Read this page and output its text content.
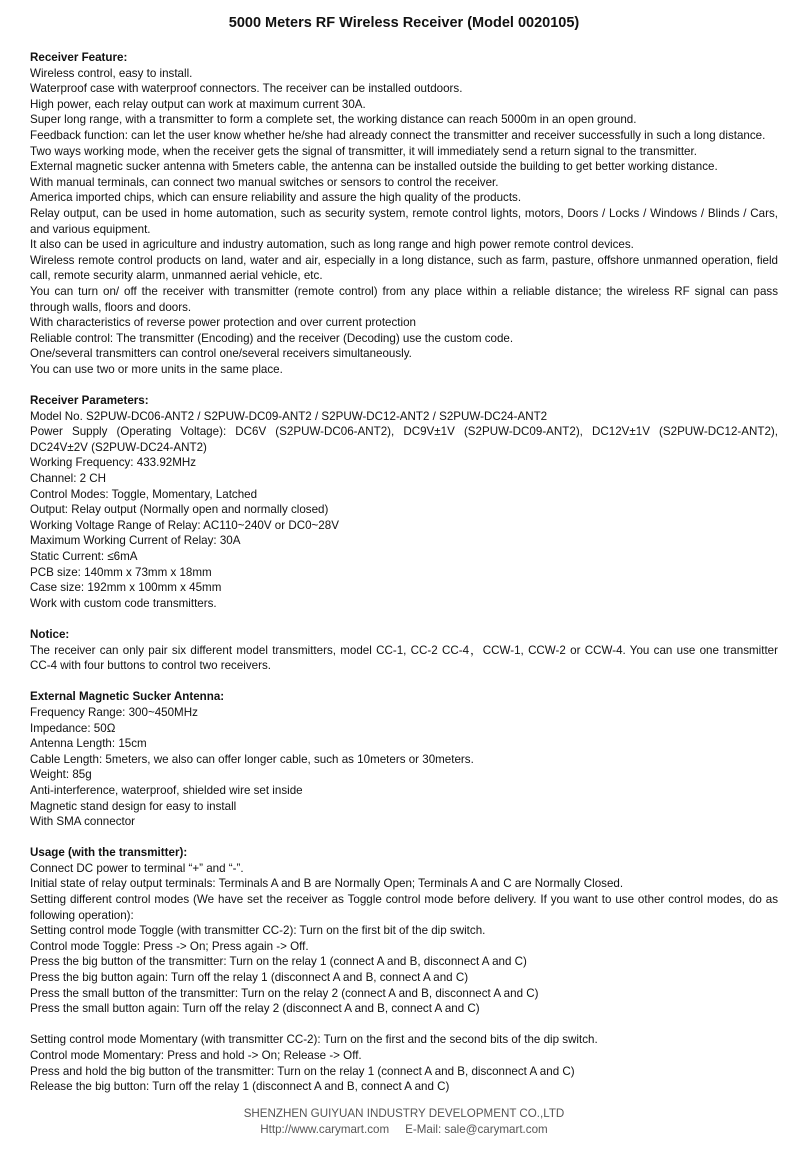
5000 Meters RF Wireless Receiver (Model 0020105)
Receiver Feature:
Wireless control, easy to install.
Waterproof case with waterproof connectors. The receiver can be installed outdoors.
High power, each relay output can work at maximum current 30A.
Super long range, with a transmitter to form a complete set, the working distance can reach 5000m in an open ground.
Feedback function: can let the user know whether he/she had already connect the transmitter and receiver successfully in such a long distance.
Two ways working mode, when the receiver gets the signal of transmitter, it will immediately send a return signal to the transmitter.
External magnetic sucker antenna with 5meters cable, the antenna can be installed outside the building to get better working distance.
With manual terminals, can connect two manual switches or sensors to control the receiver.
America imported chips, which can ensure reliability and assure the high quality of the products.
Relay output, can be used in home automation, such as security system, remote control lights, motors, Doors / Locks / Windows / Blinds / Cars, and various equipment.
It also can be used in agriculture and industry automation, such as long range and high power remote control devices.
Wireless remote control products on land, water and air, especially in a long distance, such as farm, pasture, offshore unmanned operation, field call, remote security alarm, unmanned aerial vehicle, etc.
You can turn on/ off the receiver with transmitter (remote control) from any place within a reliable distance; the wireless RF signal can pass through walls, floors and doors.
With characteristics of reverse power protection and over current protection
Reliable control: The transmitter (Encoding) and the receiver (Decoding) use the custom code.
One/several transmitters can control one/several receivers simultaneously.
You can use two or more units in the same place.
Receiver Parameters:
Model No. S2PUW-DC06-ANT2 / S2PUW-DC09-ANT2 / S2PUW-DC12-ANT2 / S2PUW-DC24-ANT2
Power Supply (Operating Voltage): DC6V (S2PUW-DC06-ANT2), DC9V±1V (S2PUW-DC09-ANT2), DC12V±1V (S2PUW-DC12-ANT2), DC24V±2V (S2PUW-DC24-ANT2)
Working Frequency: 433.92MHz
Channel: 2 CH
Control Modes: Toggle, Momentary, Latched
Output: Relay output (Normally open and normally closed)
Working Voltage Range of Relay: AC110~240V or DC0~28V
Maximum Working Current of Relay: 30A
Static Current: ≤6mA
PCB size: 140mm x 73mm x 18mm
Case size: 192mm x 100mm x 45mm
Work with custom code transmitters.
Notice:
The receiver can only pair six different model transmitters, model CC-1, CC-2 CC-4，CCW-1, CCW-2 or CCW-4. You can use one transmitter CC-4 with four buttons to control two receivers.
External Magnetic Sucker Antenna:
Frequency Range: 300~450MHz
Impedance: 50Ω
Antenna Length: 15cm
Cable Length: 5meters, we also can offer longer cable, such as 10meters or 30meters.
Weight: 85g
Anti-interference, waterproof, shielded wire set inside
Magnetic stand design for easy to install
With SMA connector
Usage (with the transmitter):
Connect DC power to terminal “+” and “-”.
Initial state of relay output terminals: Terminals A and B are Normally Open; Terminals A and C are Normally Closed.
Setting different control modes (We have set the receiver as Toggle control mode before delivery. If you want to use other control modes, do as following operation):
Setting control mode Toggle (with transmitter CC-2): Turn on the first bit of the dip switch.
Control mode Toggle: Press -> On; Press again -> Off.
Press the big button of the transmitter: Turn on the relay 1 (connect A and B, disconnect A and C)
Press the big button again: Turn off the relay 1 (disconnect A and B, connect A and C)
Press the small button of the transmitter: Turn on the relay 2 (connect A and B, disconnect A and C)
Press the small button again: Turn off the relay 2 (disconnect A and B, connect A and C)
Setting control mode Momentary (with transmitter CC-2): Turn on the first and the second bits of the dip switch.
Control mode Momentary: Press and hold -> On; Release -> Off.
Press and hold the big button of the transmitter: Turn on the relay 1 (connect A and B, disconnect A and C)
Release the big button: Turn off the relay 1 (disconnect A and B, connect A and C)
SHENZHEN GUIYUAN INDUSTRY DEVELOPMENT CO.,LTD
Http://www.carymart.com E-Mail: sale@carymart.com
